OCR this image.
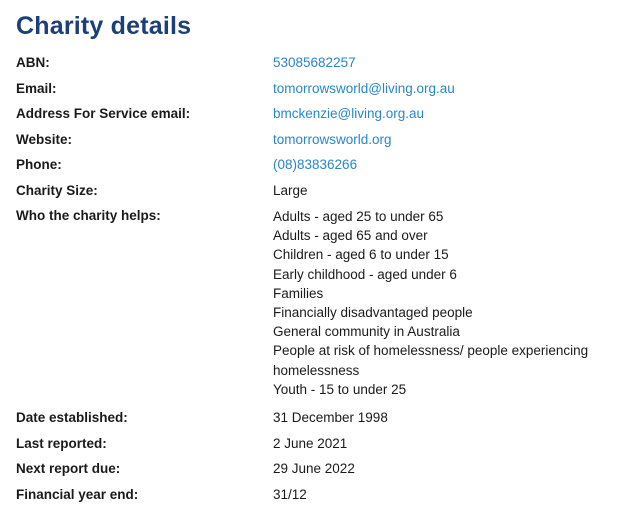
Charity details
ABN:	53085682257
Email:	tomorrowsworld@living.org.au
Address For Service email:	bmckenzie@living.org.au
Website:	tomorrowsworld.org
Phone:	(08)83836266
Charity Size:	Large
Who the charity helps:	Adults - aged 25 to under 65
Adults - aged 65 and over
Children - aged 6 to under 15
Early childhood - aged under 6
Families
Financially disadvantaged people
General community in Australia
People at risk of homelessness/ people experiencing
homelessness
Youth - 15 to under 25
Date established:	31 December 1998
Last reported:	2 June 2021
Next report due:	29 June 2022
Financial year end:	31/12
